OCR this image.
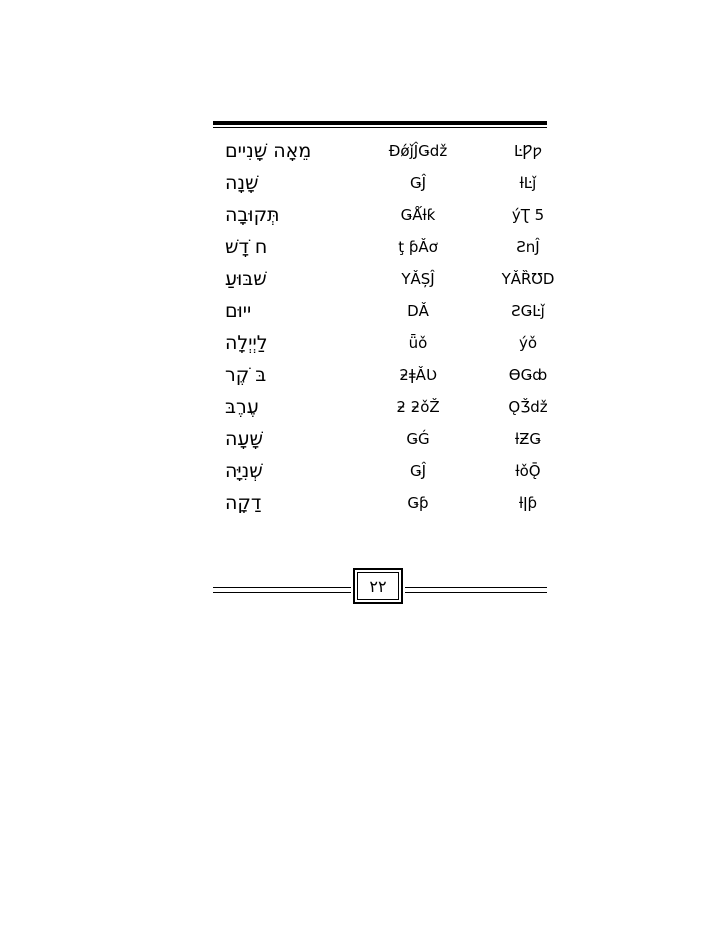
מֵאָה שָׁנִיים	ĐǿǰĴǤdž	ĿǷƿ
שָׁנָה	ǤĴ	ƚĿǰ
תְּקוּבָה	ǤǺƚƙ	ýƮ 5
ח ֹדָשׁ	ţ ƥǍơ	ƧnĴ
שׁבּוּעַ	YǍȘĴ	YǍȐƱD
ייוּם	DǍ	ƧǤĿǰ
לַיְיְלָה	ǖǒ	ýǒ
בּ ֹקֶר	ƻǂǍƲ	ƟǤȸ
עֶרֶבּ	ƻ ƻǒŽ	ǪǮdž
שָׁעָה	ǤǴ	ƚƵǤ
שְׁנִיָּה	ǤĴ	ƚǒǬ
דַקָה	Ǥƥ	ƚǀƥ
٢٢
